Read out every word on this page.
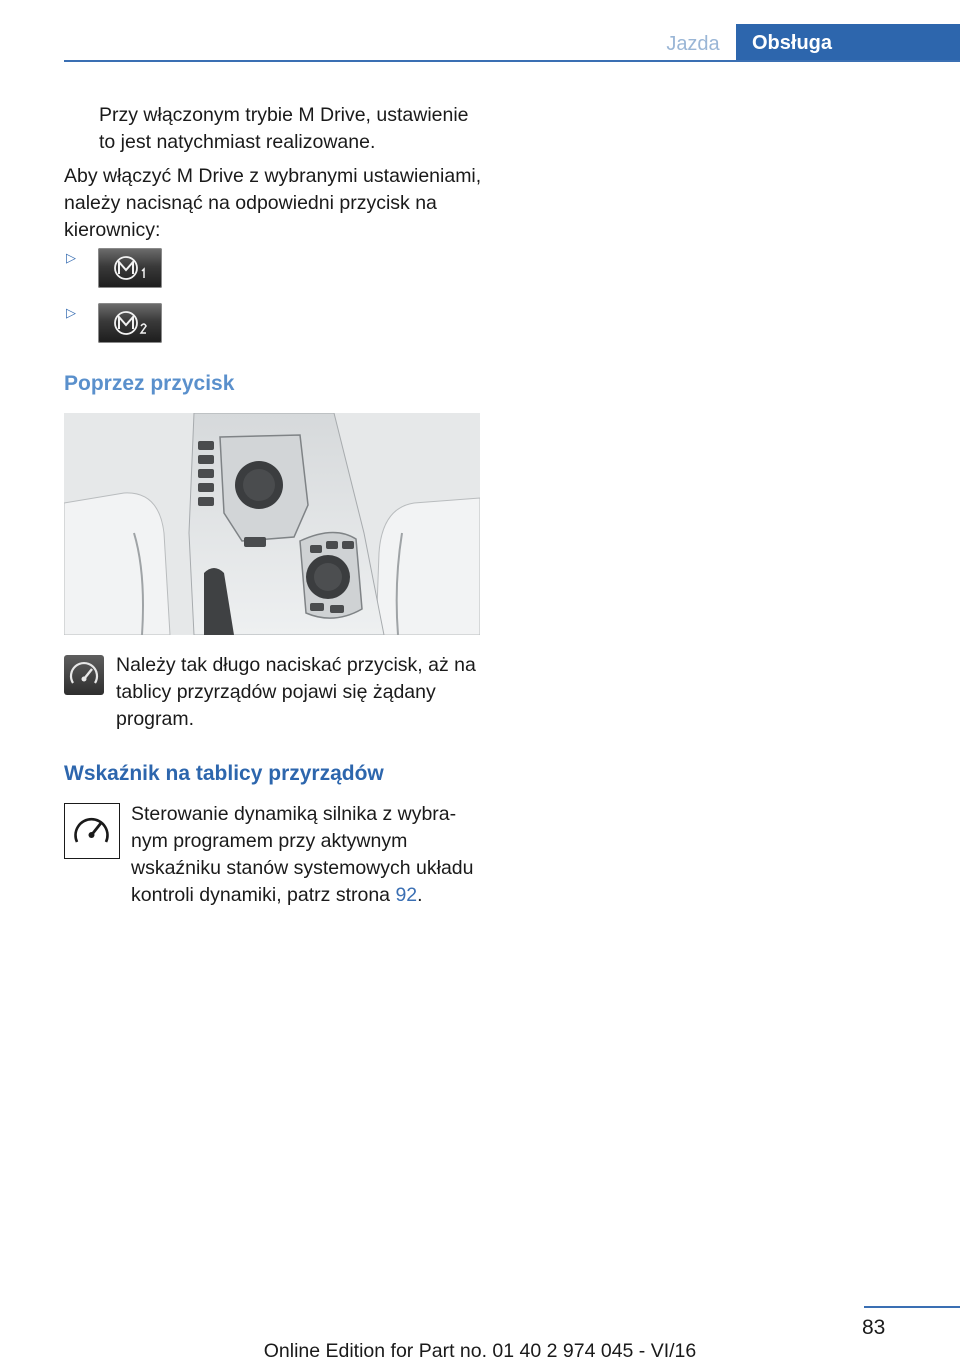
Jazda	Obsługa

Przy włączonym trybie M Drive, ustawienie to jest natychmiast realizowane.

Aby włączyć M Drive z wybranymi ustawieniami, należy nacisnąć na odpowiedni przycisk na kierownicy:

▷
▷
Poprzez przycisk

Należy tak długo naciskać przycisk, aż na tablicy przyrządów pojawi się żądany program.

Wskaźnik na tablicy przyrządów

Sterowanie dynamiką silnika z wybranym programem przy aktywnym wskaźniku stanów systemowych układu kontroli dynamiki, patrz strona 92.

83
Online Edition for Part no. 01 40 2 974 045 - VI/16
